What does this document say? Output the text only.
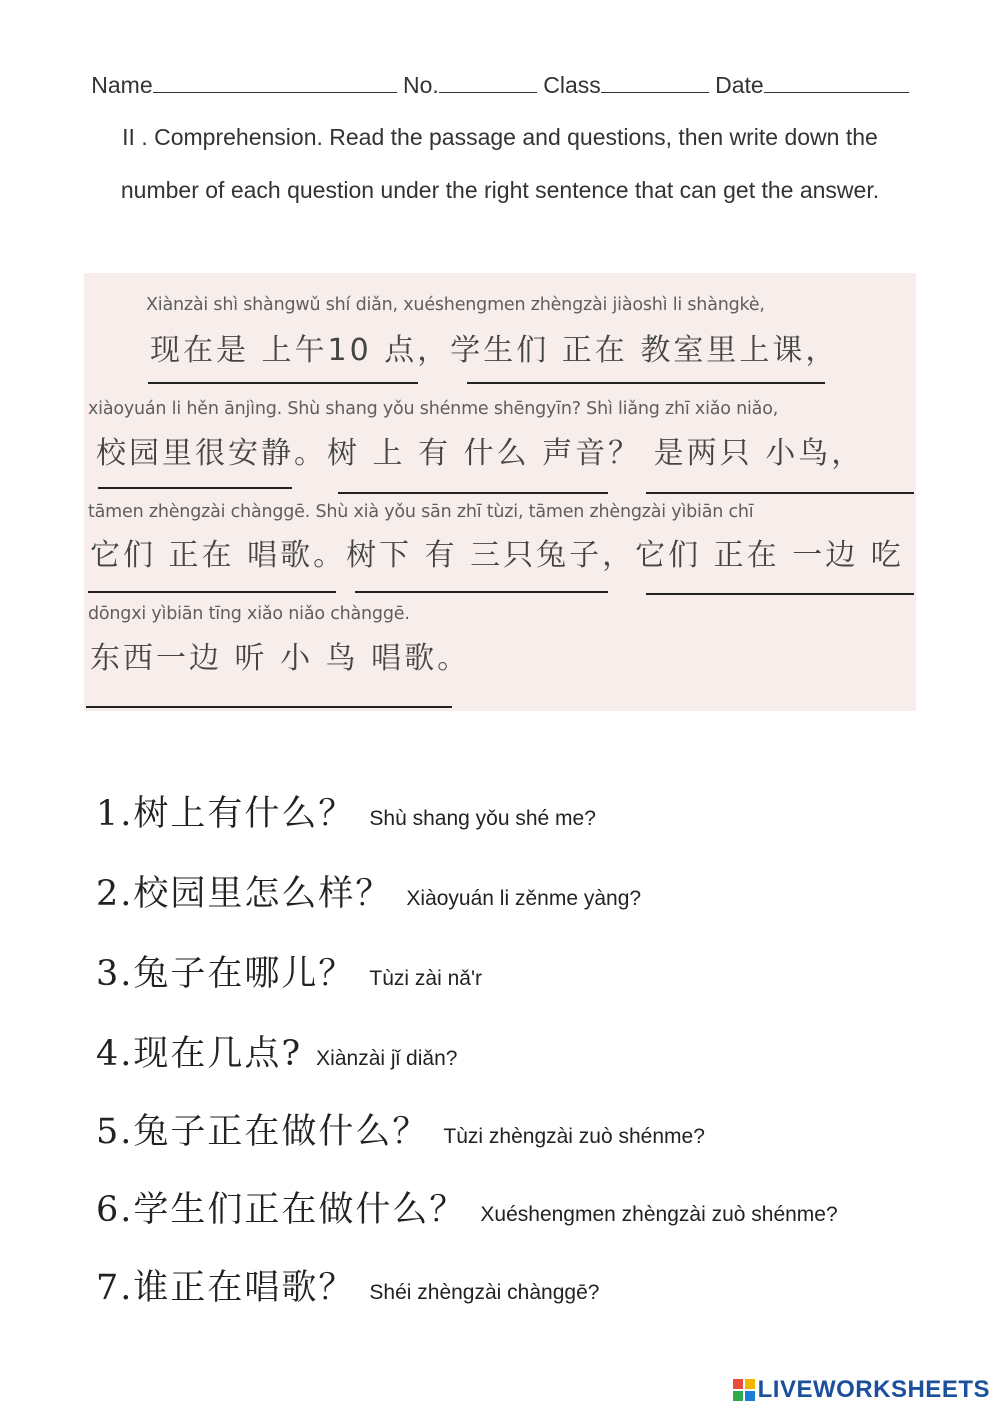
Name	No.	Class	Date
II . Comprehension. Read the passage and questions, then write down the
number of each question under the right sentence that can get the answer.
Xiànzài shì shàngwǔ shí diǎn, xuéshengmen zhèngzài jiàoshì li shàngkè,
现在是 上午10 点，学生们 正在 教室里上课，
xiàoyuán li hěn ānjìng. Shù shang yǒu shénme shēngyīn? Shì liǎng zhī xiǎo niǎo,
校园里很安静。树 上 有 什么 声音？ 是两只 小鸟，
tāmen zhèngzài chànggē. Shù xià yǒu sān zhī tùzi, tāmen zhèngzài yìbiān chī
它们 正在 唱歌。树下 有 三只兔子，它们 正在 一边 吃
dōngxi yìbiān tīng xiǎo niǎo chànggē.
东西一边 听 小 鸟 唱歌。
1.树上有什么？ Shù shang yǒu shé me?
2.校园里怎么样？ Xiàoyuán li zěnme yàng?
3.兔子在哪儿？ Tùzi zài nǎ'r
4.现在几点? Xiànzài jǐ diǎn?
5.兔子正在做什么？ Tùzi zhèngzài zuò shénme?
6.学生们正在做什么？ Xuéshengmen zhèngzài zuò shénme?
7.谁正在唱歌？ Shéi zhèngzài chànggē?
LIVEWORKSHEETS
